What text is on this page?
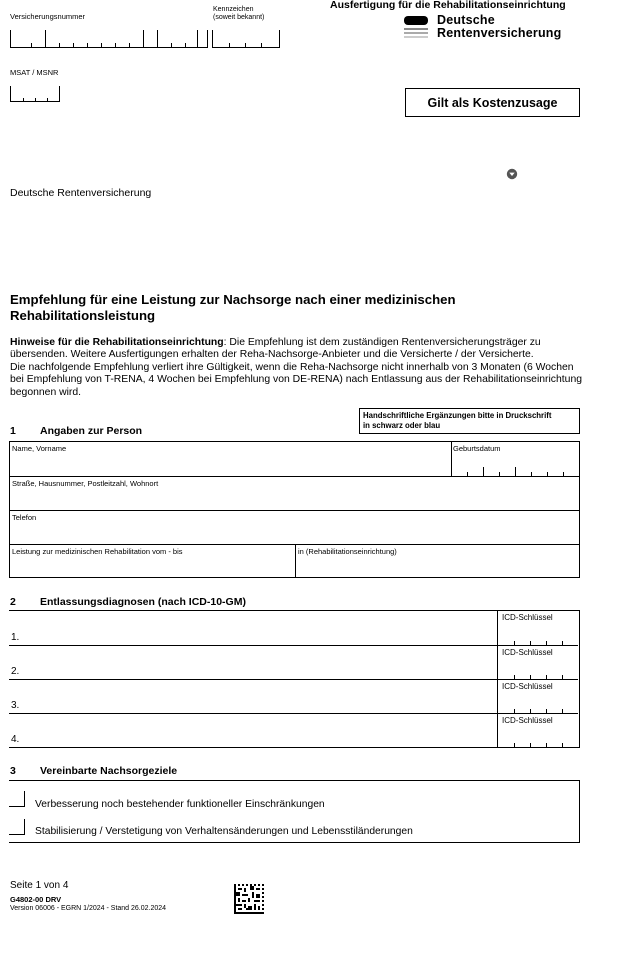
Versicherungsnummer
Kennzeichen
(soweit bekannt)
Ausfertigung für die Rehabilitationseinrichtung
Deutsche
Rentenversicherung
MSAT / MSNR
Gilt als Kostenzusage
Deutsche Rentenversicherung
Empfehlung für eine Leistung zur Nachsorge nach einer medizinischen
Rehabilitationsleistung
Hinweise für die Rehabilitationseinrichtung: Die Empfehlung ist dem zuständigen Rentenversicherungsträger zu übersenden. Weitere Ausfertigungen erhalten der Reha-Nachsorge-Anbieter und die Versicherte / der Versicherte.
Die nachfolgende Empfehlung verliert ihre Gültigkeit, wenn die Reha-Nachsorge nicht innerhalb von 3 Monaten (6 Wochen bei Empfehlung von T-RENA, 4 Wochen bei Empfehlung von DE-RENA) nach Entlassung aus der Rehabilitationseinrichtung begonnen wird.
Handschriftliche Ergänzungen bitte in Druckschrift
in schwarz oder blau
1 Angaben zur Person
Name, Vorname	Geburtsdatum
Straße, Hausnummer, Postleitzahl, Wohnort
Telefon
Leistung zur medizinischen Rehabilitation vom - bis	in (Rehabilitationseinrichtung)
2 Entlassungsdiagnosen (nach ICD-10-GM)
1.
ICD-Schlüssel
2.
ICD-Schlüssel
3.
ICD-Schlüssel
4.
ICD-Schlüssel
3 Vereinbarte Nachsorgeziele
Verbesserung noch bestehender funktioneller Einschränkungen
Stabilisierung / Verstetigung von Verhaltensänderungen und Lebensstiländerungen
Seite 1 von 4
G4802-00 DRV
Version 06006 - EGRN 1/2024 - Stand 26.02.2024
